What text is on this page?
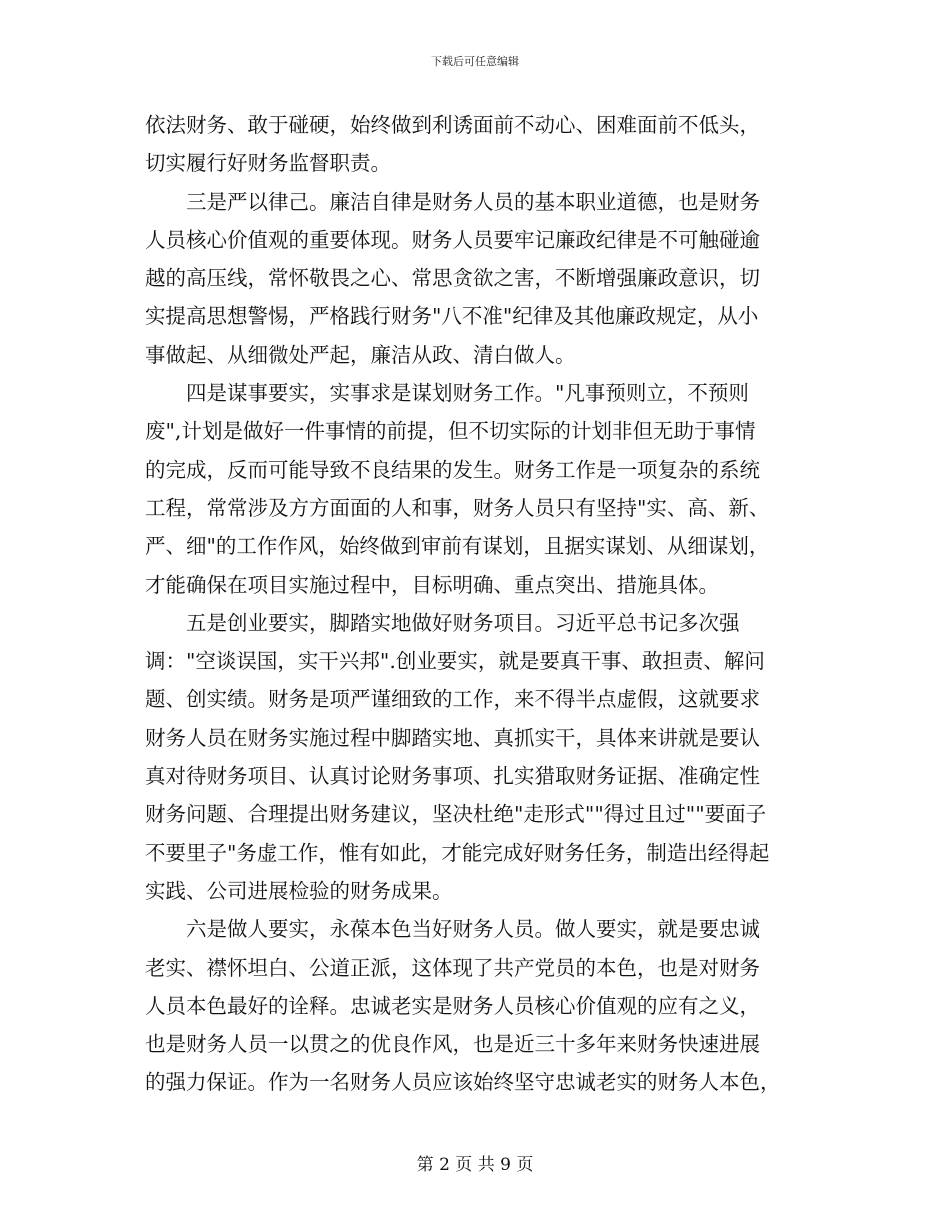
下载后可任意编辑
依法财务、敢于碰硬，始终做到利诱面前不动心、困难面前不低头，
切实履行好财务监督职责。
　　三是严以律己。廉洁自律是财务人员的基本职业道德，也是财务
人员核心价值观的重要体现。财务人员要牢记廉政纪律是不可触碰逾
越的高压线，常怀敬畏之心、常思贪欲之害，不断增强廉政意识，切
实提高思想警惕，严格践行财务"八不准"纪律及其他廉政规定，从小
事做起、从细微处严起，廉洁从政、清白做人。
　　四是谋事要实，实事求是谋划财务工作。"凡事预则立，不预则
废",计划是做好一件事情的前提，但不切实际的计划非但无助于事情
的完成，反而可能导致不良结果的发生。财务工作是一项复杂的系统
工程，常常涉及方方面面的人和事，财务人员只有坚持"实、高、新、
严、细"的工作作风，始终做到审前有谋划，且据实谋划、从细谋划，
才能确保在项目实施过程中，目标明确、重点突出、措施具体。
　　五是创业要实，脚踏实地做好财务项目。习近平总书记多次强
调："空谈误国，实干兴邦".创业要实，就是要真干事、敢担责、解问
题、创实绩。财务是项严谨细致的工作，来不得半点虚假，这就要求
财务人员在财务实施过程中脚踏实地、真抓实干，具体来讲就是要认
真对待财务项目、认真讨论财务事项、扎实猎取财务证据、准确定性
财务问题、合理提出财务建议，坚决杜绝"走形式""得过且过""要面子
不要里子"务虚工作，惟有如此，才能完成好财务任务，制造出经得起
实践、公司进展检验的财务成果。
　　六是做人要实，永葆本色当好财务人员。做人要实，就是要忠诚
老实、襟怀坦白、公道正派，这体现了共产党员的本色，也是对财务
人员本色最好的诠释。忠诚老实是财务人员核心价值观的应有之义，
也是财务人员一以贯之的优良作风，也是近三十多年来财务快速进展
的强力保证。作为一名财务人员应该始终坚守忠诚老实的财务人本色，
第 2 页 共 9 页
